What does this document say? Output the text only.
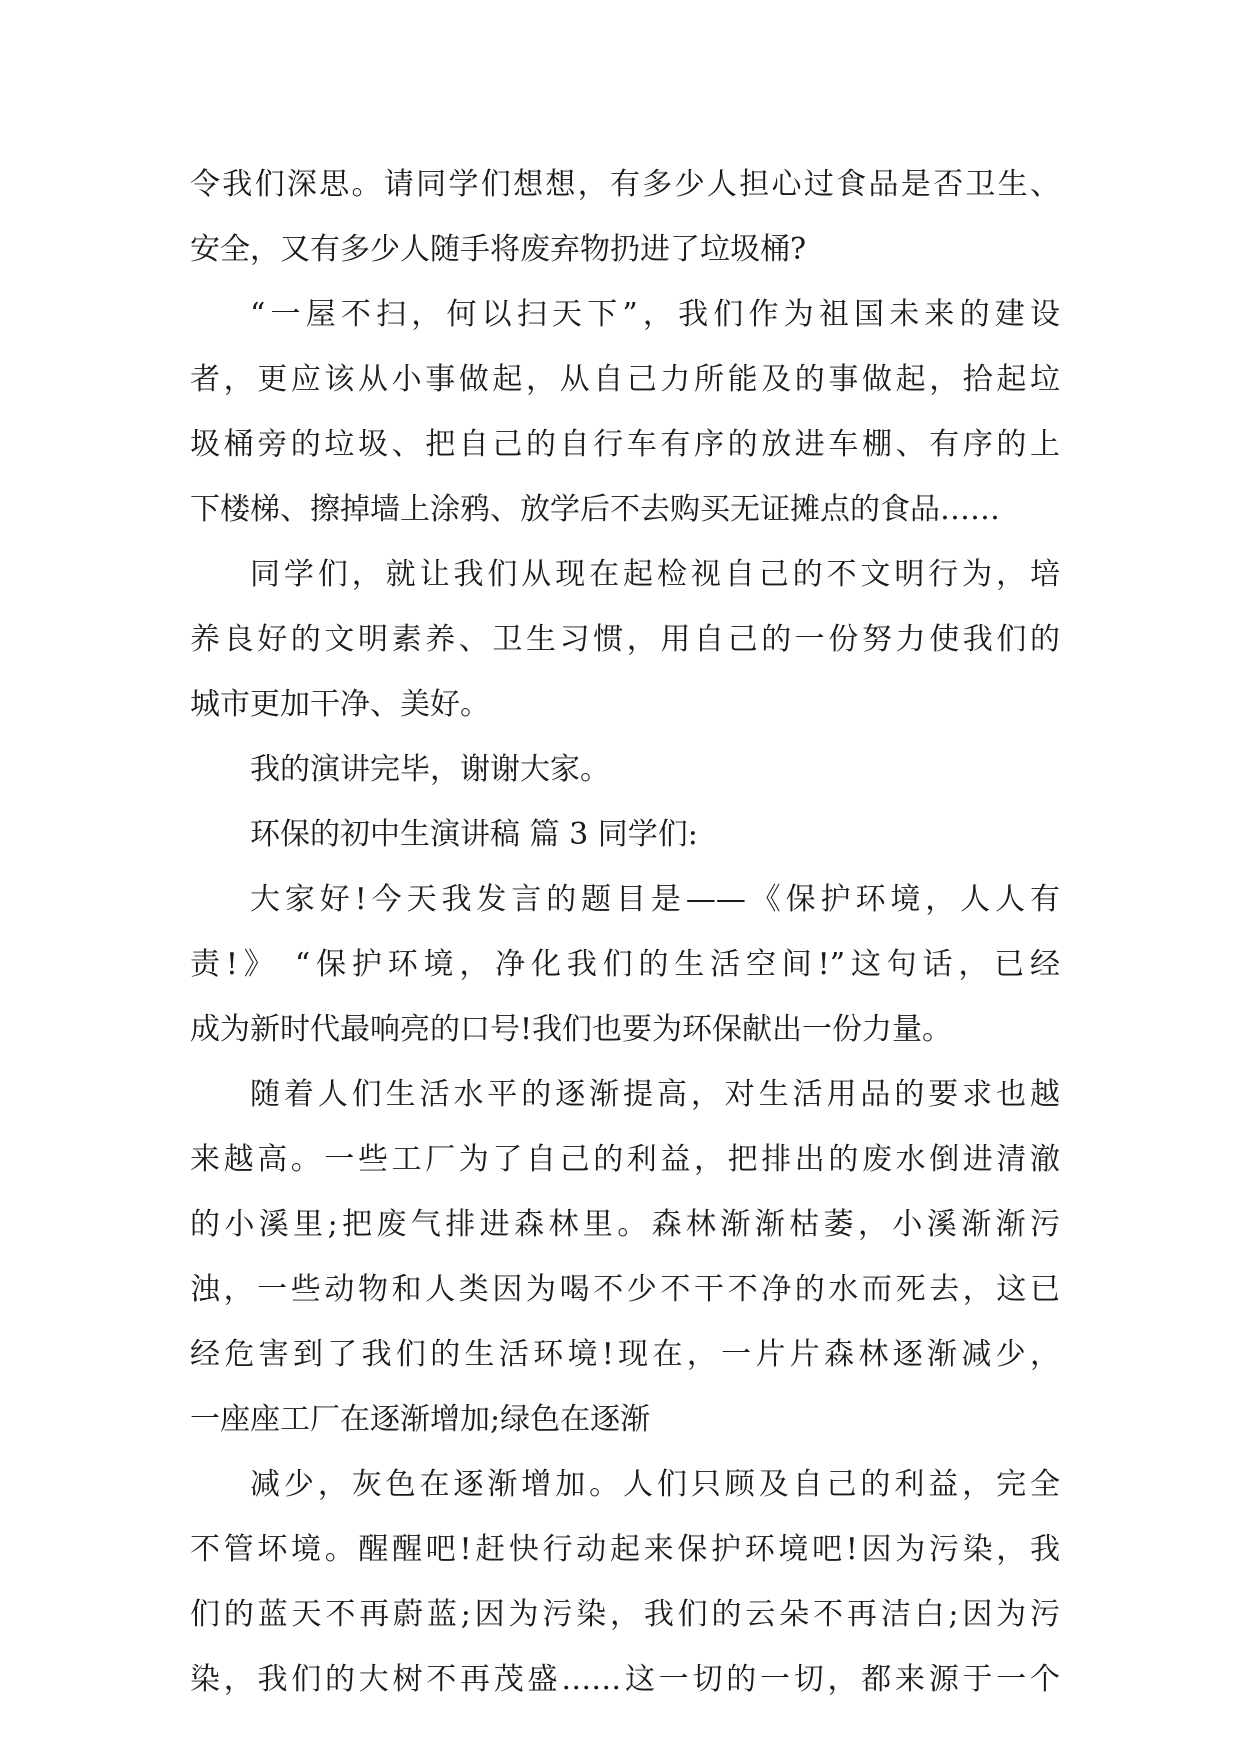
令我们深思。请同学们想想，有多少人担心过食品是否卫生、
安全，又有多少人随手将废弃物扔进了垃圾桶?
“一屋不扫，何以扫天下”，我们作为祖国未来的建设
者，更应该从小事做起，从自己力所能及的事做起，拾起垃
圾桶旁的垃圾、把自己的自行车有序的放进车棚、有序的上
下楼梯、擦掉墙上涂鸦、放学后不去购买无证摊点的食品……
同学们，就让我们从现在起检视自己的不文明行为，培
养良好的文明素养、卫生习惯，用自己的一份努力使我们的
城市更加干净、美好。
我的演讲完毕，谢谢大家。
环保的初中生演讲稿 篇 3 同学们:
大家好!今天我发言的题目是——《保护环境，人人有
责!》 “保护环境，净化我们的生活空间!”这句话，已经
成为新时代最响亮的口号!我们也要为环保献出一份力量。
随着人们生活水平的逐渐提高，对生活用品的要求也越
来越高。一些工厂为了自己的利益，把排出的废水倒进清澈
的小溪里;把废气排进森林里。森林渐渐枯萎，小溪渐渐污
浊，一些动物和人类因为喝不少不干不净的水而死去，这已
经危害到了我们的生活环境!现在，一片片森林逐渐减少，
一座座工厂在逐渐增加;绿色在逐渐
减少，灰色在逐渐增加。人们只顾及自己的利益，完全
不管坏境。醒醒吧!赶快行动起来保护环境吧!因为污染，我
们的蓝天不再蔚蓝;因为污染，我们的云朵不再洁白;因为污
染，我们的大树不再茂盛……这一切的一切，都来源于一个
